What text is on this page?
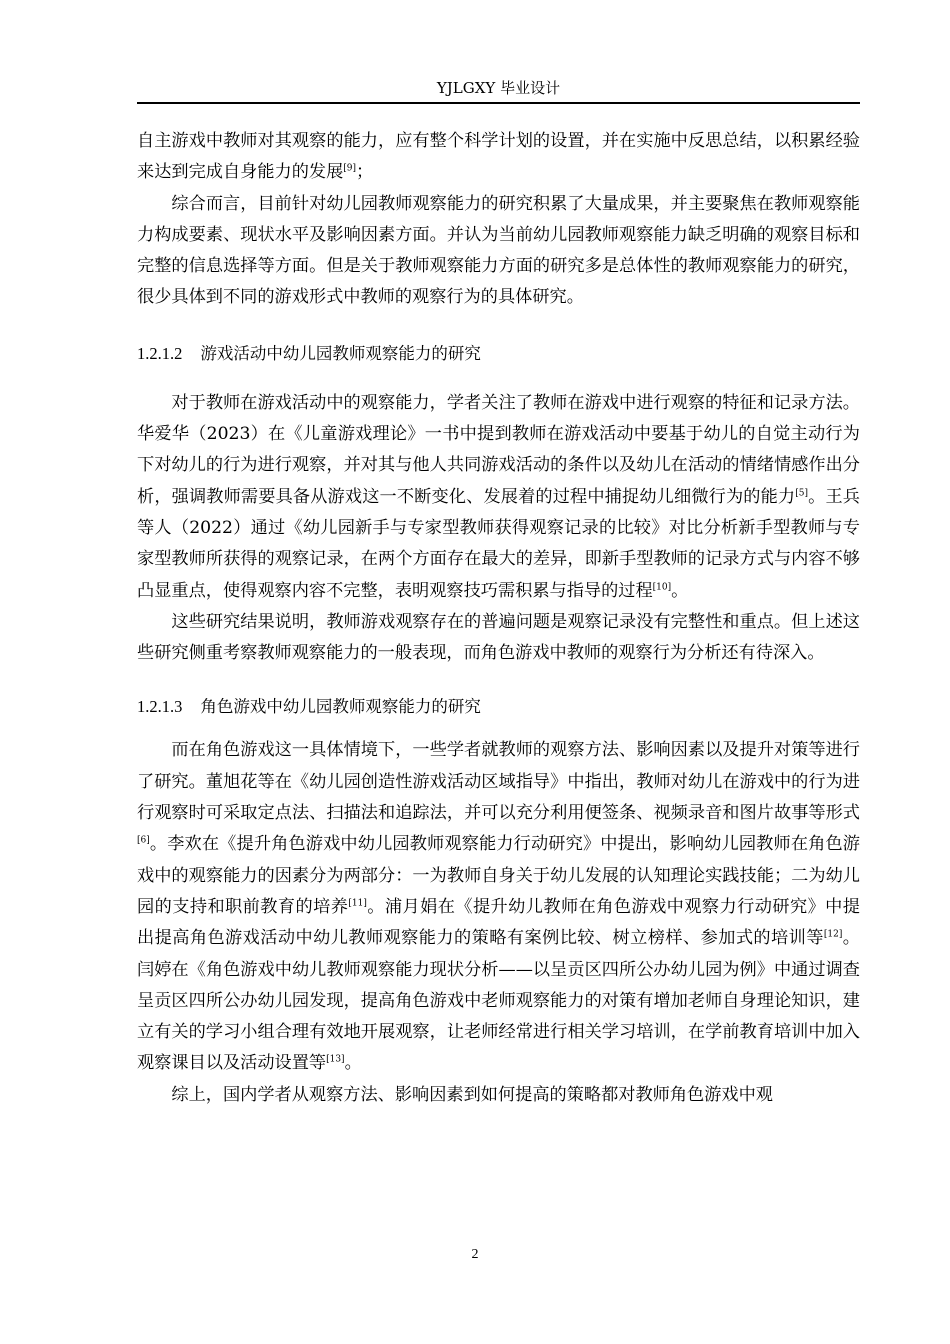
YJLGXY 毕业设计

自主游戏中教师对其观察的能力，应有整个科学计划的设置，并在实施中反思总结，以积累经验来达到完成自身能力的发展[9]；

综合而言，目前针对幼儿园教师观察能力的研究积累了大量成果，并主要聚焦在教师观察能力构成要素、现状水平及影响因素方面。并认为当前幼儿园教师观察能力缺乏明确的观察目标和完整的信息选择等方面。但是关于教师观察能力方面的研究多是总体性的教师观察能力的研究，很少具体到不同的游戏形式中教师的观察行为的具体研究。

1.2.1.2 游戏活动中幼儿园教师观察能力的研究

对于教师在游戏活动中的观察能力，学者关注了教师在游戏中进行观察的特征和记录方法。华爱华（2023）在《儿童游戏理论》一书中提到教师在游戏活动中要基于幼儿的自觉主动行为下对幼儿的行为进行观察，并对其与他人共同游戏活动的条件以及幼儿在活动的情绪情感作出分析，强调教师需要具备从游戏这一不断变化、发展着的过程中捕捉幼儿细微行为的能力[5]。王兵等人（2022）通过《幼儿园新手与专家型教师获得观察记录的比较》对比分析新手型教师与专家型教师所获得的观察记录，在两个方面存在最大的差异，即新手型教师的记录方式与内容不够凸显重点，使得观察内容不完整，表明观察技巧需积累与指导的过程[10]。

这些研究结果说明，教师游戏观察存在的普遍问题是观察记录没有完整性和重点。但上述这些研究侧重考察教师观察能力的一般表现，而角色游戏中教师的观察行为分析还有待深入。

1.2.1.3 角色游戏中幼儿园教师观察能力的研究

而在角色游戏这一具体情境下，一些学者就教师的观察方法、影响因素以及提升对策等进行了研究。董旭花等在《幼儿园创造性游戏活动区域指导》中指出，教师对幼儿在游戏中的行为进行观察时可采取定点法、扫描法和追踪法，并可以充分利用便签条、视频录音和图片故事等形式[6]。李欢在《提升角色游戏中幼儿园教师观察能力行动研究》中提出，影响幼儿园教师在角色游戏中的观察能力的因素分为两部分：一为教师自身关于幼儿发展的认知理论实践技能；二为幼儿园的支持和职前教育的培养[11]。浦月娟在《提升幼儿教师在角色游戏中观察力行动研究》中提出提高角色游戏活动中幼儿教师观察能力的策略有案例比较、树立榜样、参加式的培训等[12]。闫婷在《角色游戏中幼儿教师观察能力现状分析——以呈贡区四所公办幼儿园为例》中通过调查呈贡区四所公办幼儿园发现，提高角色游戏中老师观察能力的对策有增加老师自身理论知识，建立有关的学习小组合理有效地开展观察，让老师经常进行相关学习培训，在学前教育培训中加入观察课目以及活动设置等[13]。

综上，国内学者从观察方法、影响因素到如何提高的策略都对教师角色游戏中观

2
